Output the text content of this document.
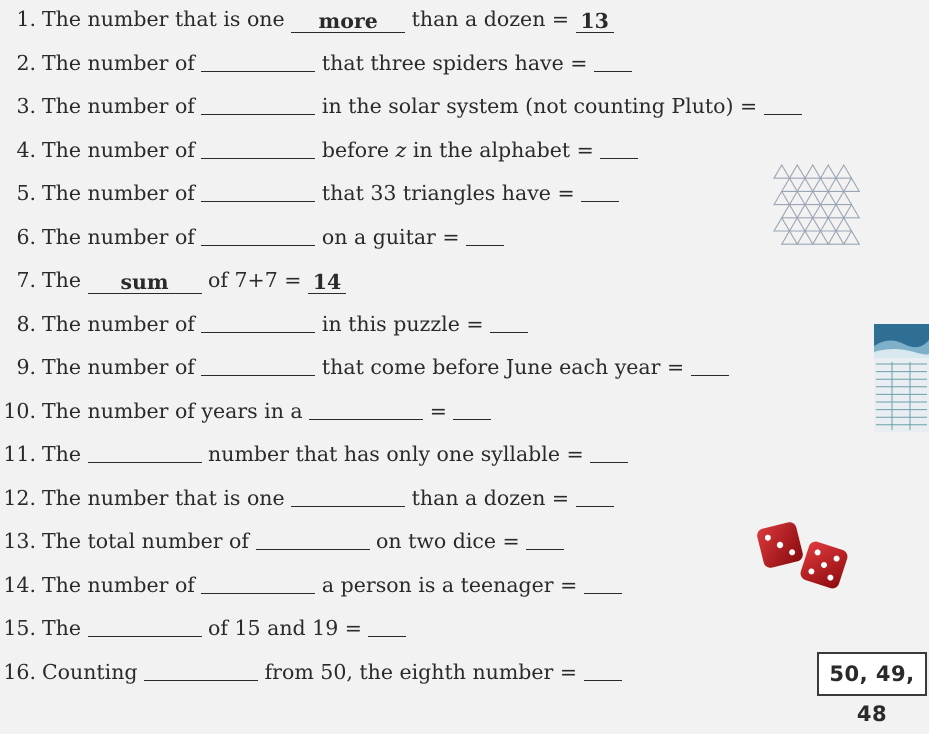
1. The number that is one more than a dozen = 13
2. The number of	that three spiders have =
3. The number of	in the solar system (not counting Pluto) =
4. The number of	before z in the alphabet =
5. The number of	that 33 triangles have =
6. The number of	on a guitar =
7. The sum of 7+7 = 14
8. The number of	in this puzzle =
9. The number of	that come before June each year =
10. The number of years in a	=
11. The	number that has only one syllable =
12. The number that is one	than a dozen =
13. The total number of	on two dice =
14. The number of	a person is a teenager =
15. The	of 15 and 19 =
16. Counting	from 50, the eighth number =	50, 49, 48
